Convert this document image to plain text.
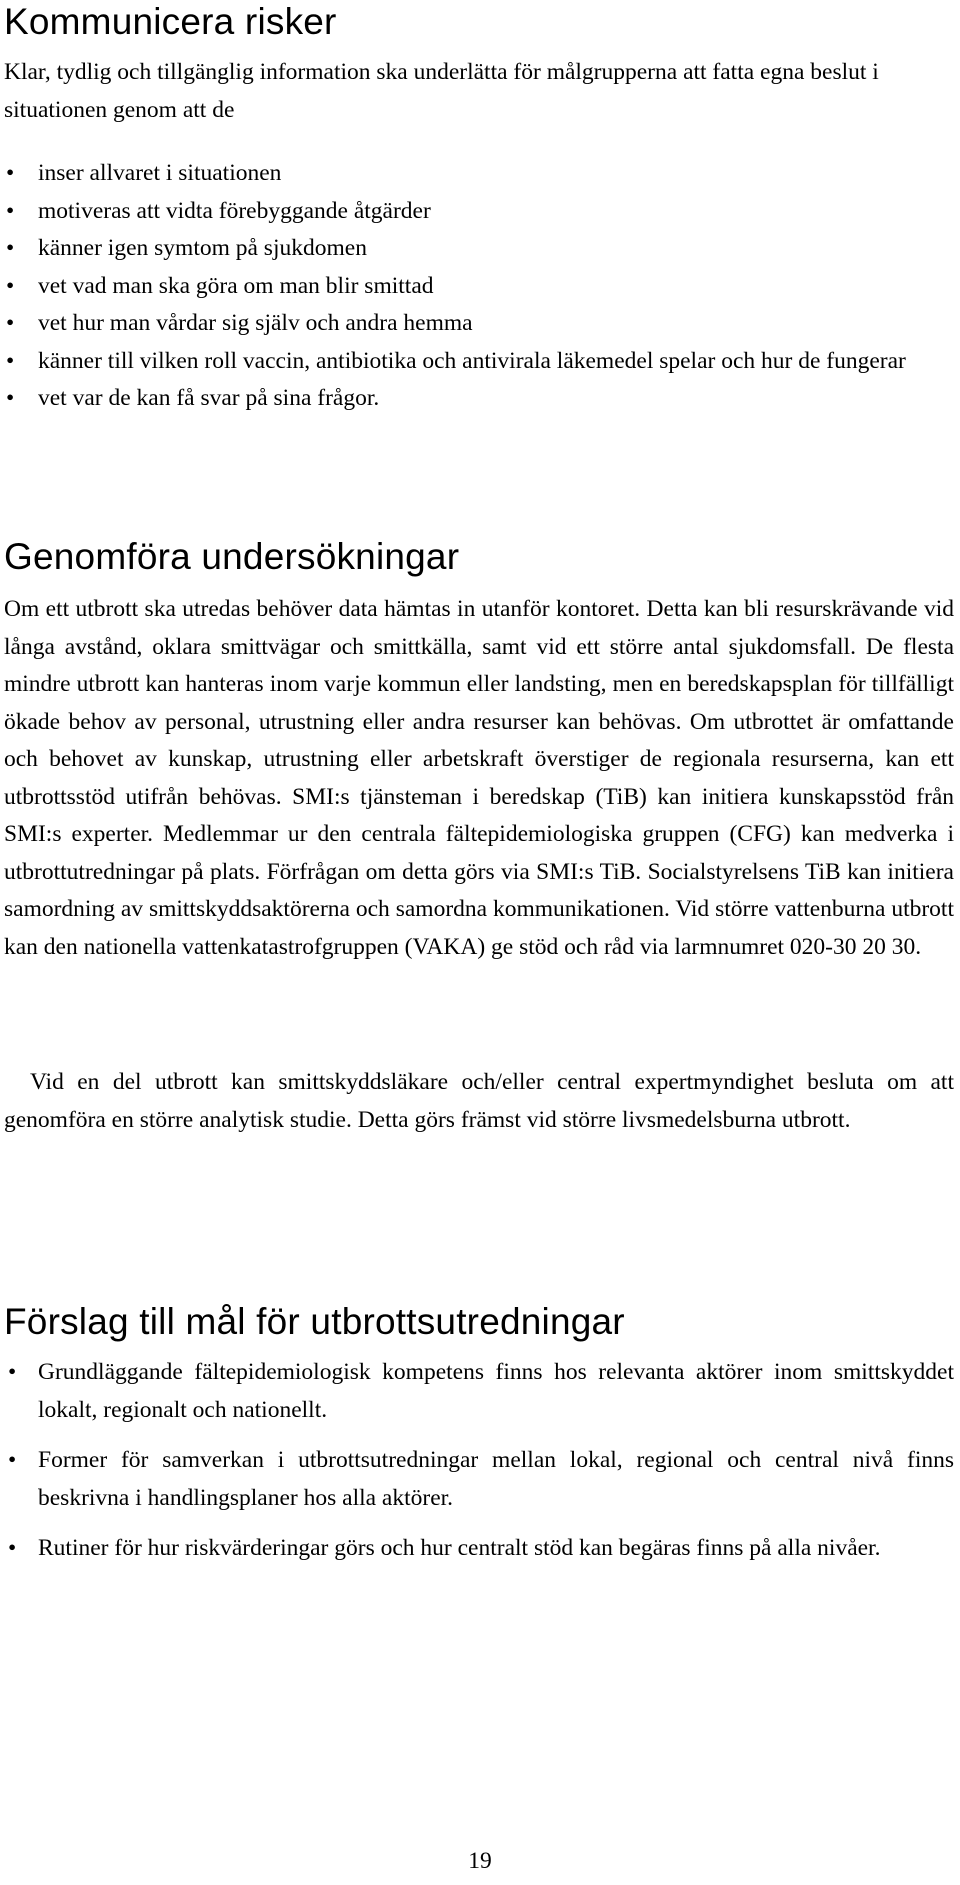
Kommunicera risker
Klar, tydlig och tillgänglig information ska underlätta för målgrupperna att fatta egna beslut i situationen genom att de
• inser allvaret i situationen
• motiveras att vidta förebyggande åtgärder
• känner igen symtom på sjukdomen
• vet vad man ska göra om man blir smittad
• vet hur man vårdar sig själv och andra hemma
• känner till vilken roll vaccin, antibiotika och antivirala läkemedel spelar och hur de fungerar
• vet var de kan få svar på sina frågor.
Genomföra undersökningar
Om ett utbrott ska utredas behöver data hämtas in utanför kontoret. Detta kan bli resurskrävande vid långa avstånd, oklara smittvägar och smittkälla, samt vid ett större antal sjukdomsfall. De flesta mindre utbrott kan hanteras inom varje kommun eller landsting, men en beredskapsplan för tillfälligt ökade behov av personal, utrustning eller andra resurser kan behövas. Om utbrottet är omfattande och behovet av kunskap, utrustning eller arbetskraft överstiger de regionala resurserna, kan ett utbrottsstöd utifrån behövas. SMI:s tjänsteman i beredskap (TiB) kan initiera kunskapsstöd från SMI:s experter. Medlemmar ur den centrala fältepidemiologiska gruppen (CFG) kan medverka i utbrottutredningar på plats. Förfrågan om detta görs via SMI:s TiB. Socialstyrelsens TiB kan initiera samordning av smittskyddsaktörerna och samordna kommunikationen. Vid större vattenburna utbrott kan den nationella vattenkatastrofgruppen (VAKA) ge stöd och råd via larmnumret 020-30 20 30.
Vid en del utbrott kan smittskyddsläkare och/eller central expertmyndighet besluta om att genomföra en större analytisk studie. Detta görs främst vid större livsmedelsburna utbrott.
Förslag till mål för utbrottsutredningar
• Grundläggande fältepidemiologisk kompetens finns hos relevanta aktörer inom smittskyddet lokalt, regionalt och nationellt.
• Former för samverkan i utbrottsutredningar mellan lokal, regional och central nivå finns beskrivna i handlingsplaner hos alla aktörer.
• Rutiner för hur riskvärderingar görs och hur centralt stöd kan begäras finns på alla nivåer.
19
